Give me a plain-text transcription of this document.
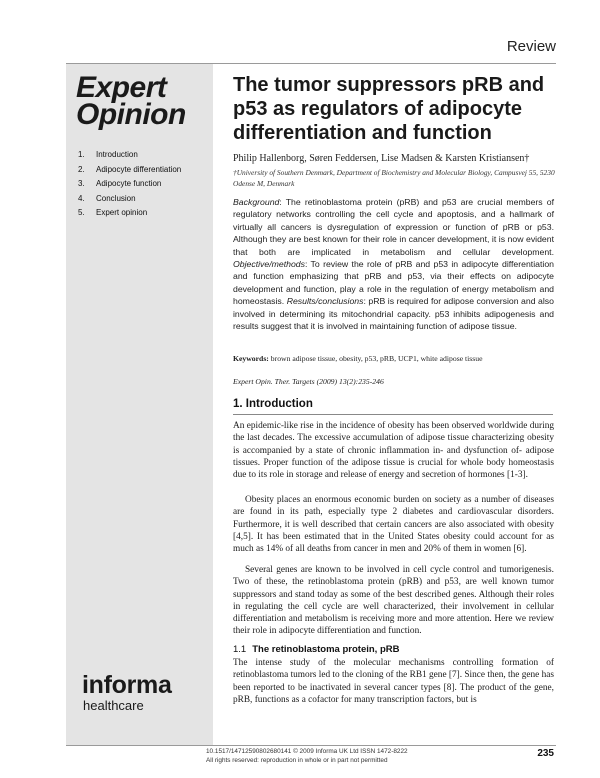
Review
Expert
Opinion
1.	Introduction
2.	Adipocyte differentiation
3.	Adipocyte function
4.	Conclusion
5.	Expert opinion
informa
healthcare
The tumor suppressors pRB and p53 as regulators of adipocyte differentiation and function
Philip Hallenborg, Søren Feddersen, Lise Madsen & Karsten Kristiansen†
†University of Southern Denmark, Department of Biochemistry and Molecular Biology, Campusvej 55, 5230 Odense M, Denmark

Background: The retinoblastoma protein (pRB) and p53 are crucial members of regulatory networks controlling the cell cycle and apoptosis, and a hallmark of virtually all cancers is dysregulation of expression or function of pRB or p53. Although they are best known for their role in cancer development, it is now evident that both are implicated in metabolism and cellular development. Objective/methods: To review the role of pRB and p53 in adipocyte differentiation and function emphasizing that pRB and p53, via their effects on adipocyte development and function, play a role in the regulation of energy metabolism and homeostasis. Results/conclusions: pRB is required for adipose conversion and also involved in determining its mitochondrial capacity. p53 inhibits adipogenesis and results suggest that it is involved in maintaining function of adipose tissue.

Keywords: brown adipose tissue, obesity, p53, pRB, UCP1, white adipose tissue
Expert Opin. Ther. Targets (2009) 13(2):235-246
1. Introduction

An epidemic-like rise in the incidence of obesity has been observed worldwide during the last decades. The excessive accumulation of adipose tissue characterizing obesity is accompanied by a state of chronic inflammation in- and dysfunction of- adipose tissues. Proper function of the adipose tissue is crucial for whole body homeostasis due to its role in storage and release of energy and secretion of hormones [1-3].

Obesity places an enormous economic burden on society as a number of diseases are found in its path, especially type 2 diabetes and cardiovascular disorders. Furthermore, it is well described that certain cancers are also associated with obesity [4,5]. It has been estimated that in the United States obesity could account for as much as 14% of all deaths from cancer in men and 20% of them in women [6].

Several genes are known to be involved in cell cycle control and tumorigenesis. Two of these, the retinoblastoma protein (pRB) and p53, are well known tumor suppressors and stand today as some of the best described genes. Although their roles in regulating the cell cycle are well characterized, their involvement in cellular differentiation and metabolism is receiving more and more attention. Here we review their role in adipocyte differentiation and function.

1.1 The retinoblastoma protein, pRB

The intense study of the molecular mechanisms controlling formation of retinoblastoma tumors led to the cloning of the RB1 gene [7]. Since then, the gene has been reported to be inactivated in several cancer types [8]. The product of the gene, pRB, functions as a cofactor for many transcription factors, but is

10.1517/14712590802680141 © 2009 Informa UK Ltd ISSN 1472-8222
All rights reserved: reproduction in whole or in part not permitted
235
